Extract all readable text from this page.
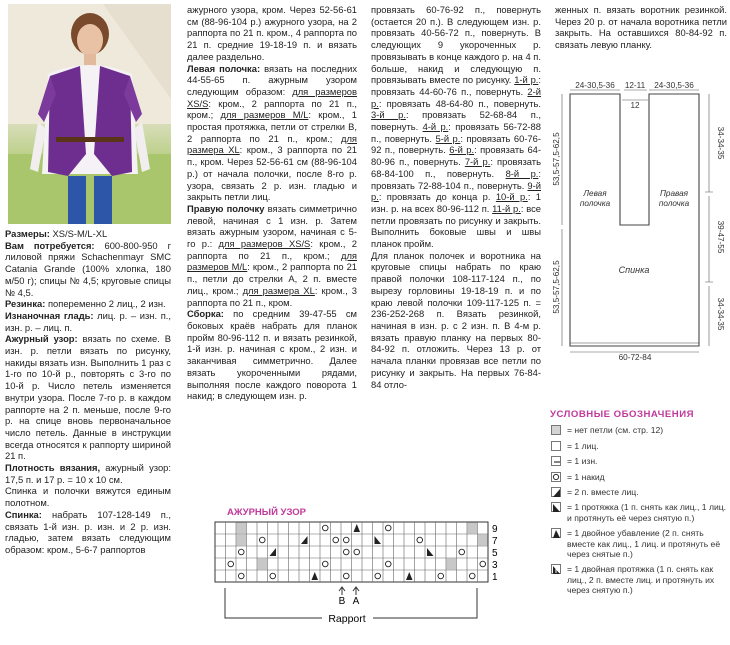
Размеры: XS/S-M/L-XL

Вам потребуется: 600-800-950 г лиловой пряжи Schachenmayr SMC Catania Grande (100% хлопка, 180 м/50 г); спицы № 4,5; круговые спицы № 4,5.

Резинка: попеременно 2 лиц., 2 изн.

Изнаночная гладь: лиц. р. – изн. п., изн. р. – лиц. п.

Ажурный узор: вязать по схеме. В изн. р. петли вязать по рисунку, накиды вязать изн. Выполнить 1 раз с 1-го по 10-й р., повторять с 3-го по 10-й р. Число петель изменяется внутри узора. После 7-го р. в каждом раппорте на 2 п. меньше, после 9-го р. на спице вновь первоначальное число петель. Данные в инструкции всегда относятся к раппорту шириной 21 п.

Плотность вязания, ажурный узор: 17,5 п. и 17 р. = 10 x 10 см.

Спинка и полочки вяжутся единым полотном.

Спинка: набрать 107-128-149 п., связать 1-й изн. р. изн. и 2 р. изн. гладью, затем вязать следующим образом: кром., 5-6-7 раппортов

ажурного узора, кром. Через 52-56-61 см (88-96-104 р.) ажурного узора, на 2 раппорта по 21 п. кром., 4 раппорта по 21 п. средние 19-18-19 п. и вязать далее раздельно.

Левая полочка: вязать на последних 44-55-65 п. ажурным узором следующим образом: для размеров XS/S: кром., 2 раппорта по 21 п., кром.; для размеров M/L: кром., 1 простая протяжка, петли от стрелки В, 2 раппорта по 21 п., кром.; для размера XL: кром., 3 раппорта по 21 п., кром. Через 52-56-61 см (88-96-104 р.) от начала полочки, после 8-го р. узора, связать 2 р. изн. гладью и закрыть петли лиц.

Правую полочку вязать симметрично левой, начиная с 1 изн. р. Затем вязать ажурным узором, начиная с 5-го р.: для размеров XS/S: кром., 2 раппорта по 21 п., кром.; для размеров M/L: кром., 2 раппорта по 21 п., петли до стрелки А, 2 п. вместе лиц., кром.; для размера XL: кром., 3 раппорта по 21 п., кром.

Сборка: по средним 39-47-55 см боковых краёв набрать для планок пройм 80-96-112 п. и вязать резинкой, 1-й изн. р. начиная с кром., 2 изн. и заканчивая симметрично. Далее вязать укороченными рядами, выполняя после каждого поворота 1 накид; в следующем изн. р.

провязать 60-76-92 п., повернуть (остается 20 п.). В следующем изн. р. провязать 40-56-72 п., повернуть. В следующих 9 укороченных р. провязывать в конце каждого р. на 4 п. больше, накид и следующую п. провязывать вместе по рисунку. 1-й р.: провязать 44-60-76 п., повернуть. 2-й р.: провязать 48-64-80 п., повернуть. 3-й р.: провязать 52-68-84 п., повернуть. 4-й р.: провязать 56-72-88 п., повернуть. 5-й р.: провязать 60-76-92 п., повернуть. 6-й р.: провязать 64-80-96 п., повернуть. 7-й р.: провязать 68-84-100 п., повернуть. 8-й р.: провязать 72-88-104 п., повернуть. 9-й р.: провязать до конца р. 10-й р.: 1 изн. р. на всех 80-96-112 п. 11-й р.: все петли провязать по рисунку и закрыть. Выполнить боковые швы и швы планок пройм.

Для планок полочек и воротника на круговые спицы набрать по краю правой полочки 108-117-124 п., по вырезу горловины 19-18-19 п. и по краю левой полочки 109-117-125 п. = 236-252-268 п. Вязать резинкой, начиная в изн. р. с 2 изн. п. В 4-м р. вязать правую планку на первых 80-84-92 п. отложить. Через 13 р. от начала планки провязав все петли по рисунку и закрыть. На первых 76-84-84 отло-

женных п. вязать воротник резинкой. Через 20 р. от начала воротника петли закрыть. На оставшихся 80-84-92 п. связать левую планку.

АЖУРНЫЙ УЗОР
9
7
5
3
1
B A
Rapport
24-30,5-36 12-11
12
24-30,5-36
60-72-84
Левая
полочка
Правая
полочка
Спинка
53,5-57,5-62,5
53,5-57,5-62,5
34-34-35
39-47-55
34-34-35
УСЛОВНЫЕ ОБОЗНАЧЕНИЯ
= нет петли (см. стр. 12)
= 1 лиц.
= 1 изн.
= 1 накид
= 2 п. вместе лиц.
= 1 протяжка (1 п. снять как лиц., 1 лиц. и протянуть её через снятую п.)
= 1 двойное убавление (2 п. снять вместе как лиц., 1 лиц. и протянуть её через снятые п.)
= 1 двойная протяжка (1 п. снять как лиц., 2 п. вместе лиц. и протянуть их через снятую п.)
